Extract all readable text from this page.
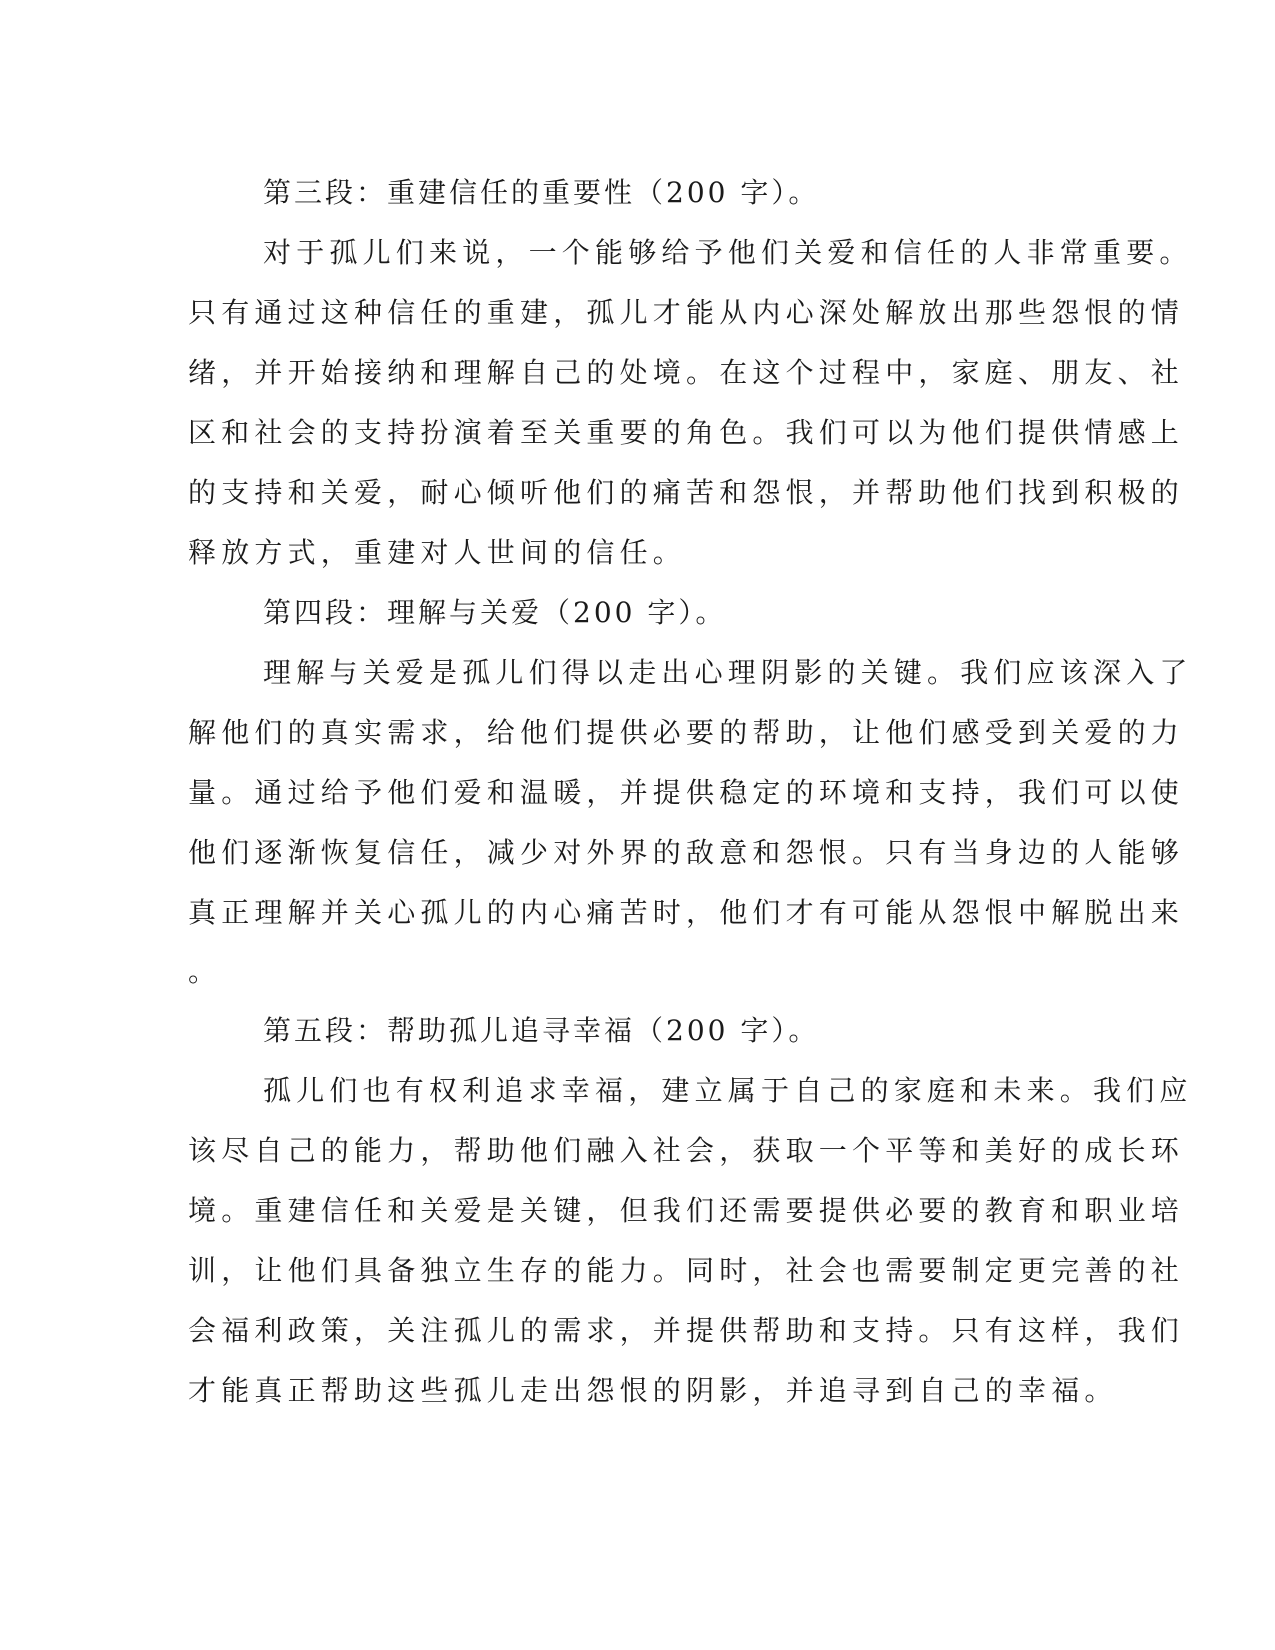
第三段：重建信任的重要性（200 字）。
对于孤儿们来说，一个能够给予他们关爱和信任的人非常重要。
只有通过这种信任的重建，孤儿才能从内心深处解放出那些怨恨的情
绪，并开始接纳和理解自己的处境。在这个过程中，家庭、朋友、社
区和社会的支持扮演着至关重要的角色。我们可以为他们提供情感上
的支持和关爱，耐心倾听他们的痛苦和怨恨，并帮助他们找到积极的
释放方式，重建对人世间的信任。
第四段：理解与关爱（200 字）。
理解与关爱是孤儿们得以走出心理阴影的关键。我们应该深入了
解他们的真实需求，给他们提供必要的帮助，让他们感受到关爱的力
量。通过给予他们爱和温暖，并提供稳定的环境和支持，我们可以使
他们逐渐恢复信任，减少对外界的敌意和怨恨。只有当身边的人能够
真正理解并关心孤儿的内心痛苦时，他们才有可能从怨恨中解脱出来
。
第五段：帮助孤儿追寻幸福（200 字）。
孤儿们也有权利追求幸福，建立属于自己的家庭和未来。我们应
该尽自己的能力，帮助他们融入社会，获取一个平等和美好的成长环
境。重建信任和关爱是关键，但我们还需要提供必要的教育和职业培
训，让他们具备独立生存的能力。同时，社会也需要制定更完善的社
会福利政策，关注孤儿的需求，并提供帮助和支持。只有这样，我们
才能真正帮助这些孤儿走出怨恨的阴影，并追寻到自己的幸福。
